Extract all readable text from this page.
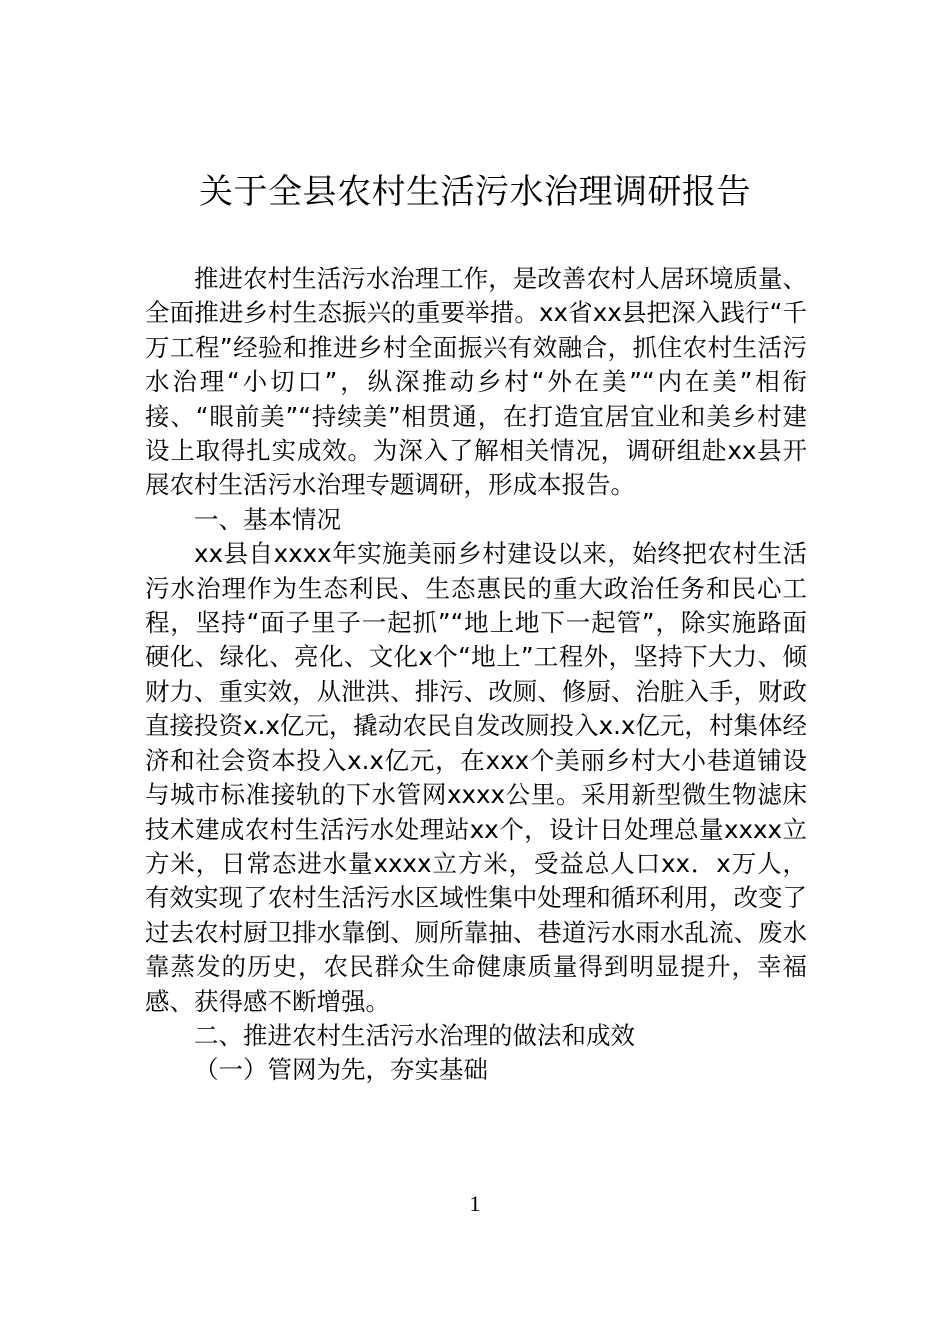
关于全县农村生活污水治理调研报告

推进农村生活污水治理工作，是改善农村人居环境质量、全面推进乡村生态振兴的重要举措。xx省xx县把深入践行“千万工程”经验和推进乡村全面振兴有效融合，抓住农村生活污水治理“小切口”，纵深推动乡村“外在美”“内在美”相衔接、“眼前美”“持续美”相贯通，在打造宜居宜业和美乡村建设上取得扎实成效。为深入了解相关情况，调研组赴xx县开展农村生活污水治理专题调研，形成本报告。

一、基本情况

xx县自xxxx年实施美丽乡村建设以来，始终把农村生活污水治理作为生态利民、生态惠民的重大政治任务和民心工程，坚持“面子里子一起抓”“地上地下一起管”，除实施路面硬化、绿化、亮化、文化x个“地上”工程外，坚持下大力、倾财力、重实效，从泄洪、排污、改厕、修厨、治脏入手，财政直接投资x.x亿元，撬动农民自发改厕投入x.x亿元，村集体经济和社会资本投入x.x亿元，在xxx个美丽乡村大小巷道铺设与城市标准接轨的下水管网xxxx公里。采用新型微生物滤床技术建成农村生活污水处理站xx个，设计日处理总量xxxx立方米，日常态进水量xxxx立方米，受益总人口xx．x万人，有效实现了农村生活污水区域性集中处理和循环利用，改变了过去农村厨卫排水靠倒、厕所靠抽、巷道污水雨水乱流、废水靠蒸发的历史，农民群众生命健康质量得到明显提升，幸福感、获得感不断增强。

二、推进农村生活污水治理的做法和成效

（一）管网为先，夯实基础

1
